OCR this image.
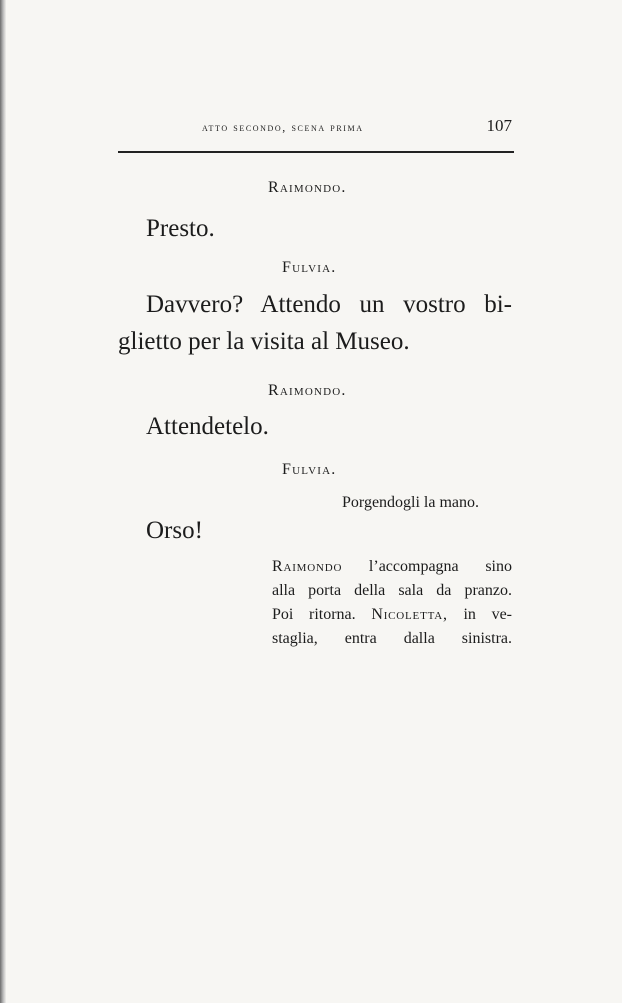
atto secondo, scena prima	107
Raimondo.
Presto.
Fulvia.
Davvero? Attendo un vostro bi-
glietto per la visita al Museo.
Raimondo.
Attendetelo.
Fulvia.
Porgendogli la mano.
Orso!
Raimondo l’accompagna sino
alla porta della sala da pranzo.
Poi ritorna. Nicoletta, in ve-
staglia, entra dalla sinistra.
